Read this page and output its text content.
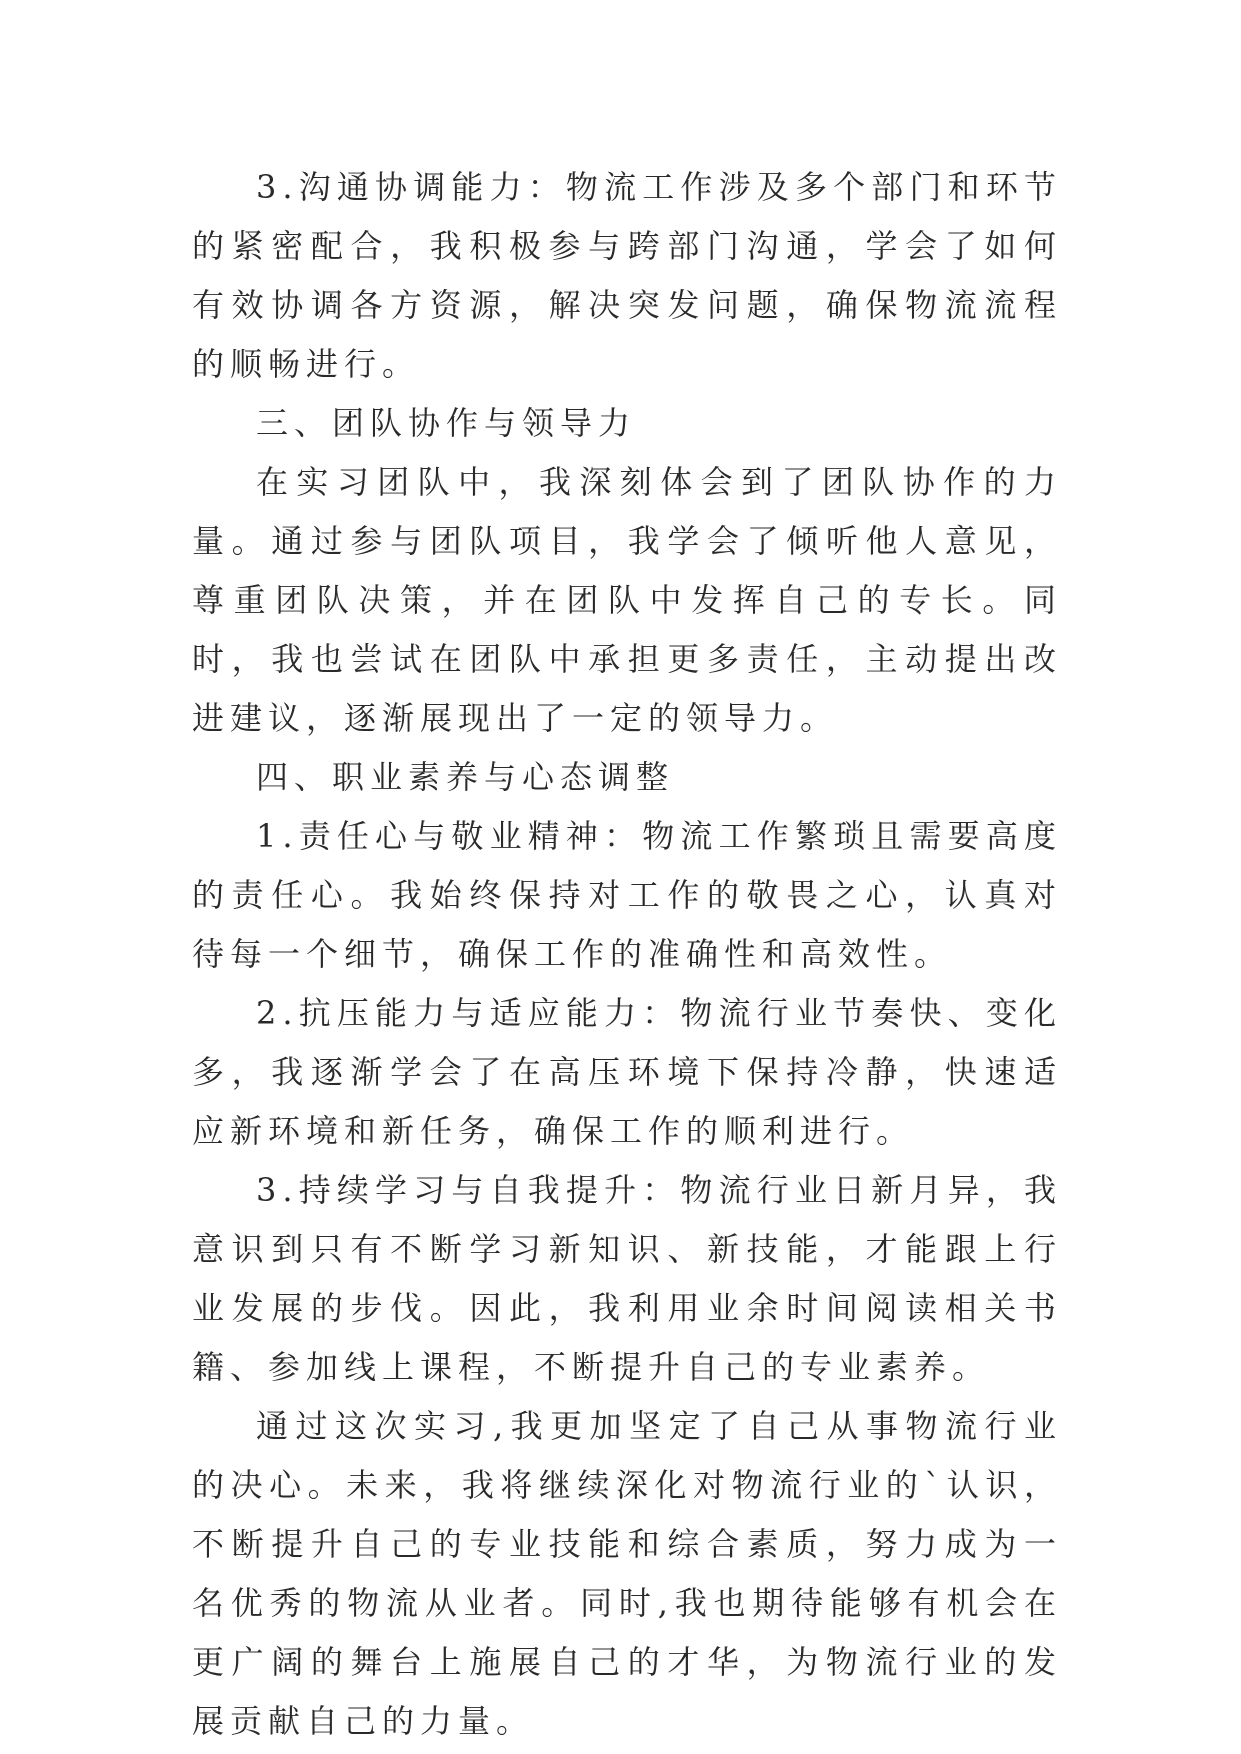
3.沟通协调能力：物流工作涉及多个部门和环节的紧密配合，我积极参与跨部门沟通，学会了如何有效协调各方资源，解决突发问题，确保物流流程的顺畅进行。

三、团队协作与领导力

在实习团队中，我深刻体会到了团队协作的力量。通过参与团队项目，我学会了倾听他人意见，尊重团队决策，并在团队中发挥自己的专长。同时，我也尝试在团队中承担更多责任，主动提出改进建议，逐渐展现出了一定的领导力。

四、职业素养与心态调整

1.责任心与敬业精神：物流工作繁琐且需要高度的责任心。我始终保持对工作的敬畏之心，认真对待每一个细节，确保工作的准确性和高效性。

2.抗压能力与适应能力：物流行业节奏快、变化多，我逐渐学会了在高压环境下保持冷静，快速适应新环境和新任务，确保工作的顺利进行。

3.持续学习与自我提升：物流行业日新月异，我意识到只有不断学习新知识、新技能，才能跟上行业发展的步伐。因此，我利用业余时间阅读相关书籍、参加线上课程，不断提升自己的专业素养。

通过这次实习,我更加坚定了自己从事物流行业的决心。未来，我将继续深化对物流行业的`认识，不断提升自己的专业技能和综合素质，努力成为一名优秀的物流从业者。同时,我也期待能够有机会在更广阔的舞台上施展自己的才华，为物流行业的发展贡献自己的力量。
